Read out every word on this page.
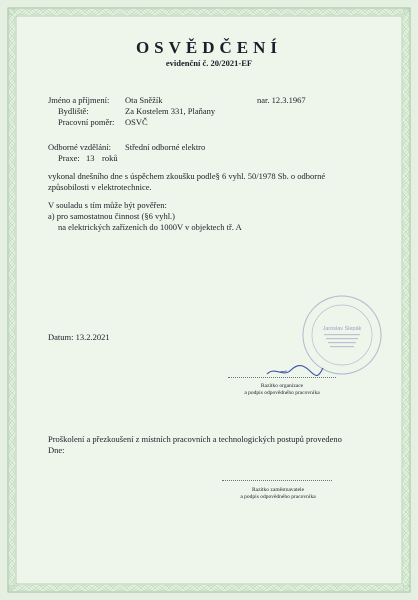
OSVĚDČENÍ
evidenční č. 20/2021-EF
Jméno a příjmení: Ota Sněžík	nar. 12.3.1967
Bydliště:	Za Kostelem 331, Plaňany
Pracovní poměr: OSVČ
Odborné vzdělání: Střední odborné elektro
Praxe: 13 roků
vykonal dnešního dne s úspěchem zkoušku podle§ 6 vyhl. 50/1978 Sb. o odborné
způsobilosti v elektrotechnice.
V souladu s tím může být pověřen:
a) pro samostatnou činnost (§6 vyhl.)
na elektrických zařízeních do 1000V v objektech tř. A
Datum: 13.2.2021
Jaroslav Slepák
Razítko organizace
a podpis odpovědného pracovníka
Proškolení a přezkoušení z místních pracovních a technologických postupů provedeno
Dne:
Razítko zaměstnavatele
a podpis odpovědného pracovníka
